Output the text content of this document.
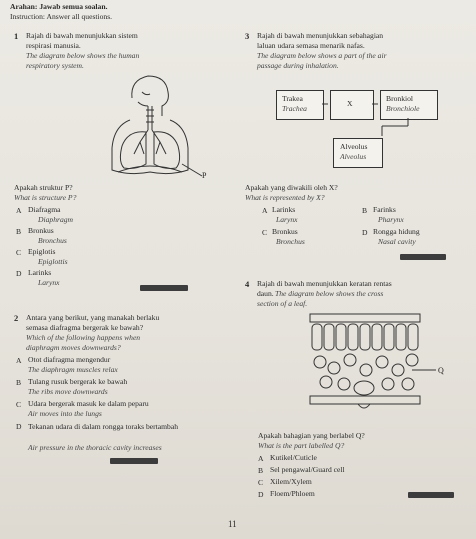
Arahan: Jawab semua soalan.
Instruction: Answer all questions.
1 Rajah di bawah menunjukkan sistem
respirasi manusia.
The diagram below shows the human
respiratory system.
P
Apakah struktur P?
What is structure P?
A Diafragma
Diaphragm
B Bronkus
Bronchus
C Epiglotis
Epiglottis
D Larinks
Larynx
3 Rajah di bawah menunjukkan sebahagian
laluan udara semasa menarik nafas.
The diagram below shows a part of the air
passage during inhalation.
Trakea
Trachea
X
Bronkiol
Bronchiole
Alveolus
Alveolus
Apakah yang diwakili oleh X?
What is represented by X?
A Larinks
Larynx
B Farinks
Pharynx
C Bronkus
Bronchus
D Rongga hidung
Nasal cavity
2 Antara yang berikut, yang manakah berlaku
semasa diafragma bergerak ke bawah?
Which of the following happens when
diaphragm moves downwards?
A Otot diafragma mengendur
The diaphragm muscles relax
B Tulang rusuk bergerak ke bawah
The ribs move downwards
C Udara bergerak masuk ke dalam peparu
Air moves into the lungs
D Tekanan udara di dalam rongga toraks bertambah
Air pressure in the thoracic cavity increases
4 Rajah di bawah menunjukkan keratan rentas
daun. The diagram below shows the cross
section of a leaf.
Q
Apakah bahagian yang berlabel Q?
What is the part labelled Q?
A Kutikel/Cuticle
B Sel pengawal/Guard cell
C Xilem/Xylem
D Floem/Phloem
11
